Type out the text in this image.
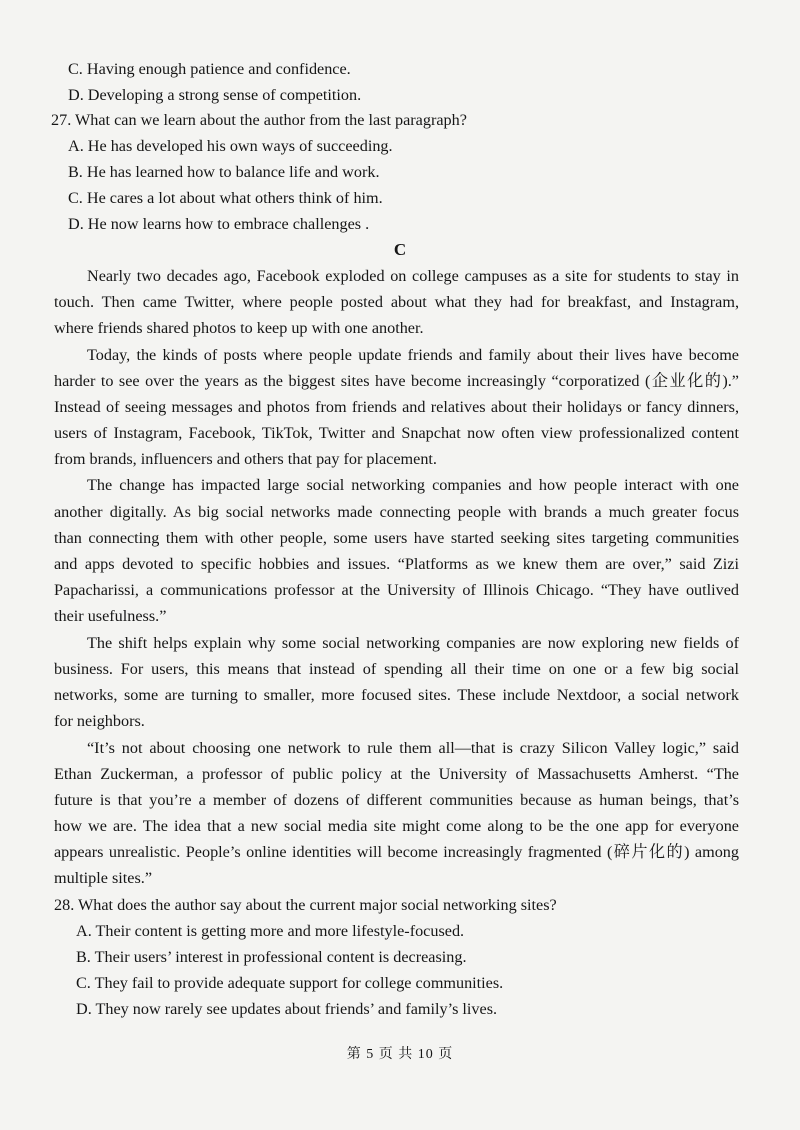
C. Having enough patience and confidence.
D. Developing a strong sense of competition.
27. What can we learn about the author from the last paragraph?
A. He has developed his own ways of succeeding.
B. He has learned how to balance life and work.
C. He cares a lot about what others think of him.
D. He now learns how to embrace challenges .
C
Nearly two decades ago, Facebook exploded on college campuses as a site for students to stay in
touch. Then came Twitter, where people posted about what they had for breakfast, and Instagram,
where friends shared photos to keep up with one another.
Today, the kinds of posts where people update friends and family about their lives have become
harder to see over the years as the biggest sites have become increasingly “corporatized (企业化的).”
Instead of seeing messages and photos from friends and relatives about their holidays or fancy dinners,
users of Instagram, Facebook, TikTok, Twitter and Snapchat now often view professionalized content
from brands, influencers and others that pay for placement.
The change has impacted large social networking companies and how people interact with one
another digitally. As big social networks made connecting people with brands a much greater focus
than connecting them with other people, some users have started seeking sites targeting communities
and apps devoted to specific hobbies and issues. “Platforms as we knew them are over,” said Zizi
Papacharissi, a communications professor at the University of Illinois Chicago. “They have outlived
their usefulness.”
The shift helps explain why some social networking companies are now exploring new fields of
business. For users, this means that instead of spending all their time on one or a few big social
networks, some are turning to smaller, more focused sites. These include Nextdoor, a social network
for neighbors.
“It’s not about choosing one network to rule them all—that is crazy Silicon Valley logic,” said
Ethan Zuckerman, a professor of public policy at the University of Massachusetts Amherst. “The
future is that you’re a member of dozens of different communities because as human beings, that’s
how we are. The idea that a new social media site might come along to be the one app for everyone
appears unrealistic. People’s online identities will become increasingly fragmented (碎片化的) among
multiple sites.”
28. What does the author say about the current major social networking sites?
A. Their content is getting more and more lifestyle-focused.
B. Their users’ interest in professional content is decreasing.
C. They fail to provide adequate support for college communities.
D. They now rarely see updates about friends’ and family’s lives.
第 5 页 共 10 页
